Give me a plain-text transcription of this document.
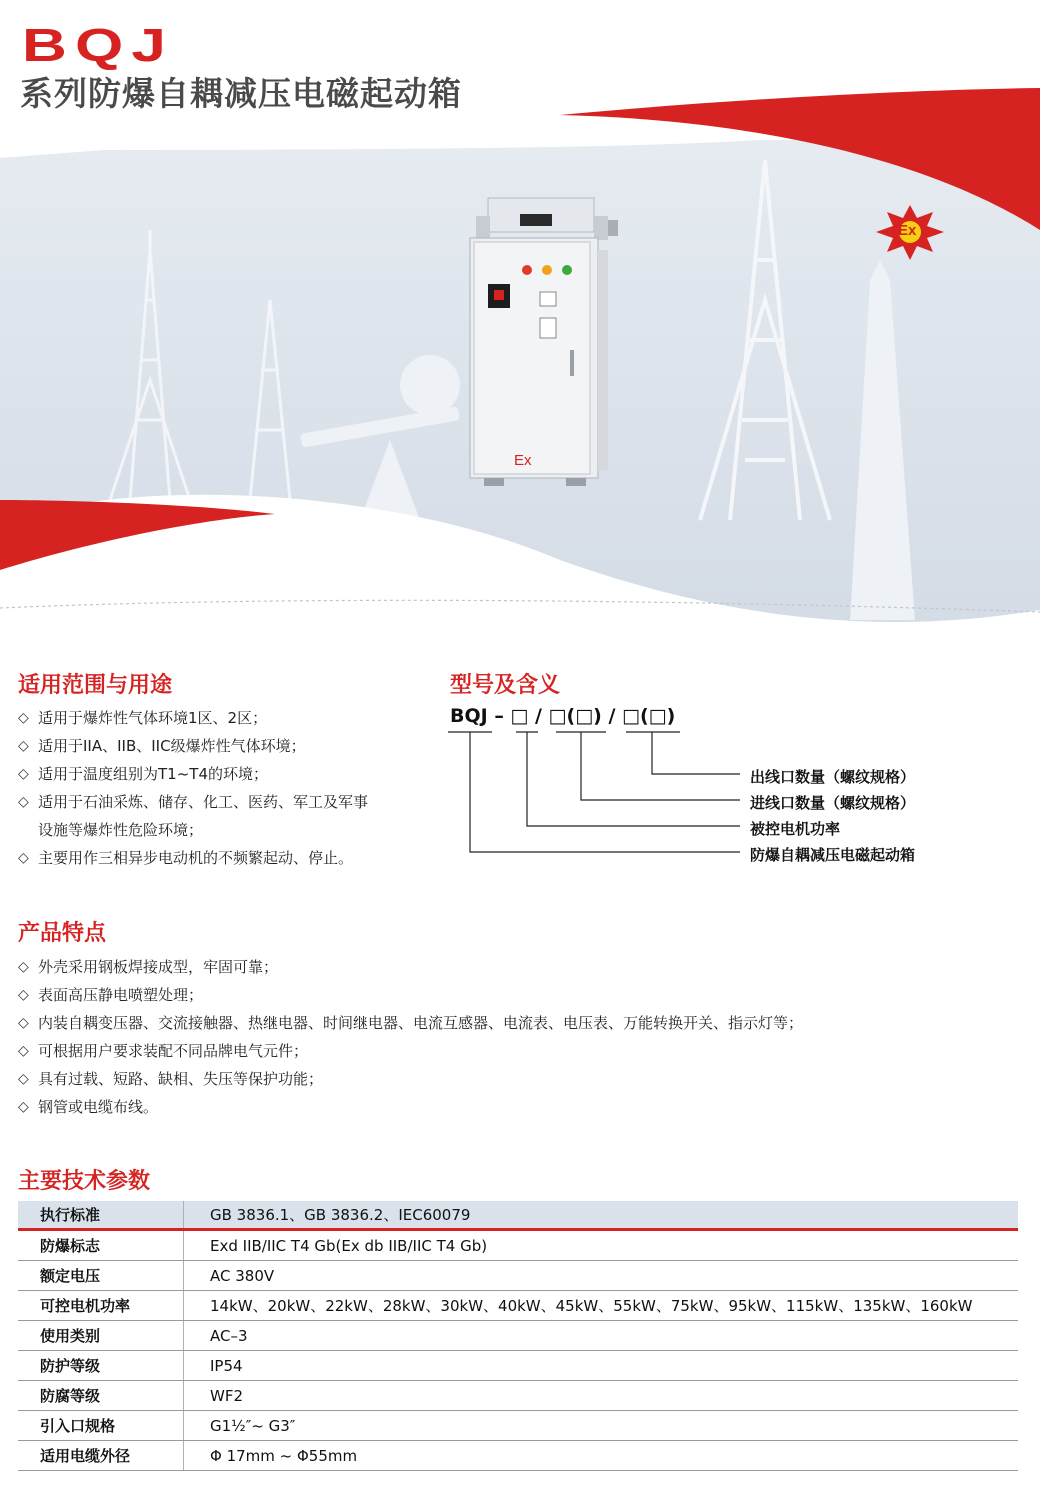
Ex
Ex
BQJ
系列防爆自耦减压电磁起动箱
适用范围与用途
◇ 适用于爆炸性气体环境1区、2区；
◇ 适用于IIA、IIB、IIC级爆炸性气体环境；
◇ 适用于温度组别为T1~T4的环境；
◇ 适用于石油采炼、储存、化工、医药、军工及军事
设施等爆炸性危险环境；
◇ 主要用作三相异步电动机的不频繁起动、停止。
型号及含义
BQJ – □ / □(□) / □(□)
出线口数量（螺纹规格）
进线口数量（螺纹规格）
被控电机功率
防爆自耦减压电磁起动箱
产品特点
◇ 外壳采用钢板焊接成型，牢固可靠；
◇ 表面高压静电喷塑处理；
◇ 内装自耦变压器、交流接触器、热继电器、时间继电器、电流互感器、电流表、电压表、万能转换开关、指示灯等；
◇ 可根据用户要求装配不同品牌电气元件；
◇ 具有过载、短路、缺相、失压等保护功能；
◇ 钢管或电缆布线。
主要技术参数
执行标准	GB 3836.1、GB 3836.2、IEC60079
防爆标志	Exd IIB/IIC T4 Gb(Ex db IIB/IIC T4 Gb)
额定电压	AC 380V
可控电机功率	14kW、20kW、22kW、28kW、30kW、40kW、45kW、55kW、75kW、95kW、115kW、135kW、160kW
使用类别	AC–3
防护等级	IP54
防腐等级	WF2
引入口规格	G1½″~ G3″
适用电缆外径	Φ 17mm ~ Φ55mm
